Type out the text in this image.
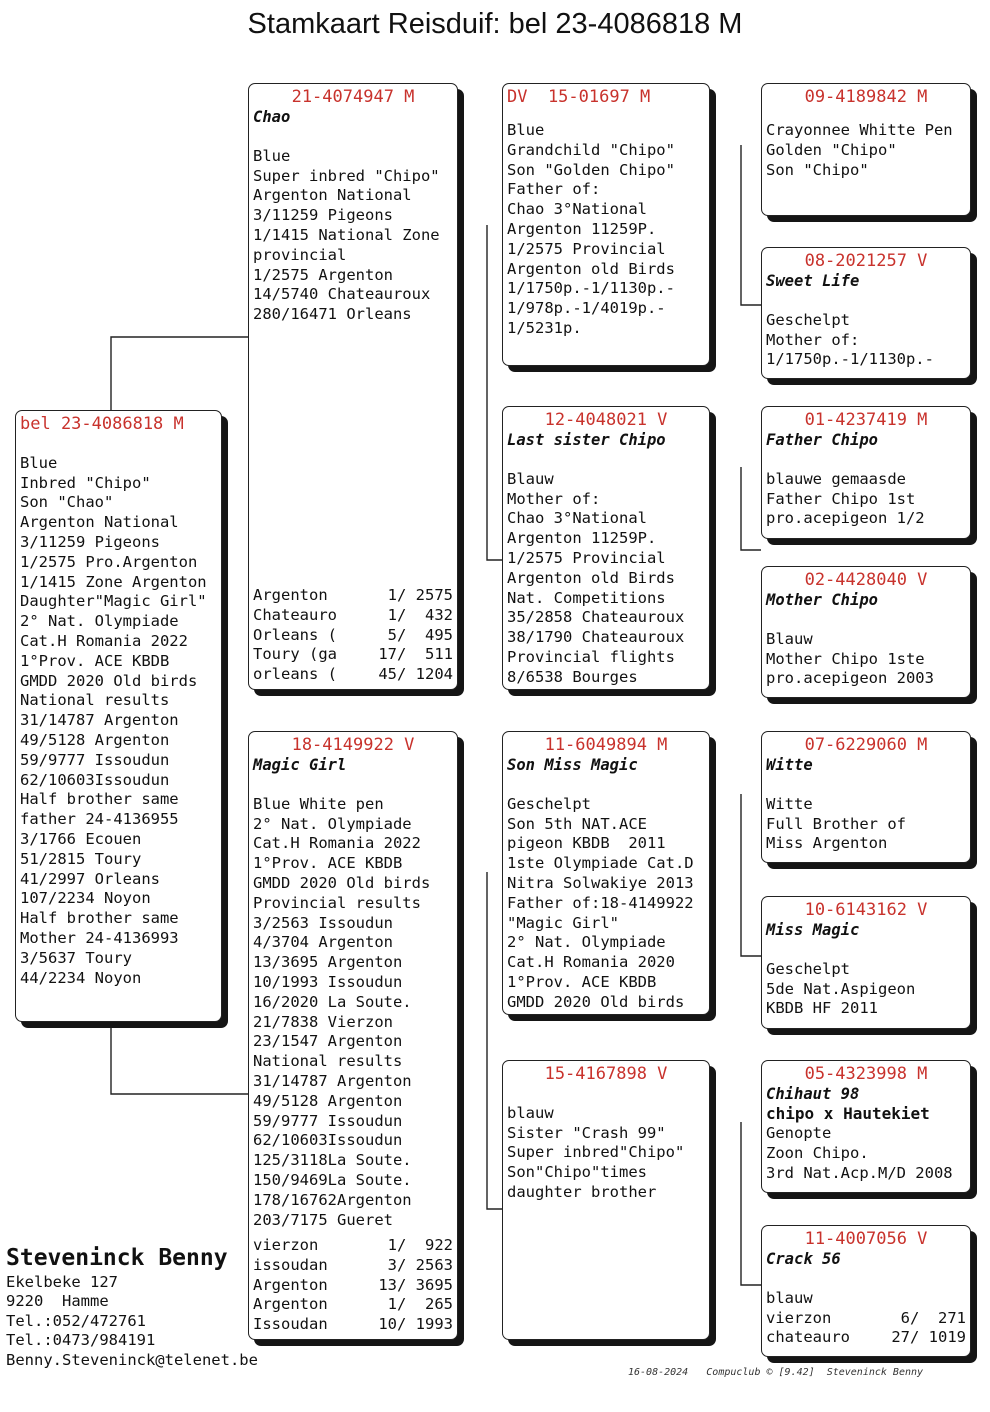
Stamkaart Reisduif: bel 23-4086818 M
bel 23-4086818 M
Blue
Inbred "Chipo"
Son "Chao"
Argenton National
3/11259 Pigeons
1/2575 Pro.Argenton
1/1415 Zone Argenton
Daughter"Magic Girl"
2° Nat. Olympiade
Cat.H Romania 2022
1°Prov. ACE KBDB
GMDD 2020 Old birds
National results
31/14787 Argenton
49/5128 Argenton
59/9777 Issoudun
62/10603Issoudun
Half brother same
father 24-4136955
3/1766 Ecouen
51/2815 Toury
41/2997 Orleans
107/2234 Noyon
Half brother same
Mother 24-4136993
3/5637 Toury
44/2234 Noyon
21-4074947 M
Chao
Blue
Super inbred "Chipo"
Argenton National
3/11259 Pigeons
1/1415 National Zone
provincial
1/2575 Argenton
14/5740 Chateauroux
280/16471 Orleans
Argenton	1/ 2575
Chateauro	1/  432
Orleans (	5/  495
Toury (ga	17/  511
orleans (	45/ 1204
18-4149922 V
Magic Girl
Blue White pen
2° Nat. Olympiade
Cat.H Romania 2022
1°Prov. ACE KBDB
GMDD 2020 Old birds
Provincial results
3/2563 Issoudun
4/3704 Argenton
13/3695 Argenton
10/1993 Issoudun
16/2020 La Soute.
21/7838 Vierzon
23/1547 Argenton
National results
31/14787 Argenton
49/5128 Argenton
59/9777 Issoudun
62/10603Issoudun
125/3118La Soute.
150/9469La Soute.
178/16762Argenton
203/7175 Gueret
vierzon	1/  922
issoudan	3/ 2563
Argenton	13/ 3695
Argenton	1/  265
Issoudan	10/ 1993
DV  15-01697 M
Blue
Grandchild "Chipo"
Son "Golden Chipo"
Father of:
Chao 3°National
Argenton 11259P.
1/2575 Provincial
Argenton old Birds
1/1750p.-1/1130p.-
1/978p.-1/4019p.-
1/5231p.
12-4048021 V
Last sister Chipo
Blauw
Mother of:
Chao 3°National
Argenton 11259P.
1/2575 Provincial
Argenton old Birds
Nat. Competitions
35/2858 Chateauroux
38/1790 Chateauroux
Provincial flights
8/6538 Bourges
11-6049894 M
Son Miss Magic
Geschelpt
Son 5th NAT.ACE
pigeon KBDB  2011
1ste Olympiade Cat.D
Nitra Solwakiye 2013
Father of:18-4149922
"Magic Girl"
2° Nat. Olympiade
Cat.H Romania 2020
1°Prov. ACE KBDB
GMDD 2020 Old birds
15-4167898 V
blauw
Sister "Crash 99"
Super inbred"Chipo"
Son"Chipo"times
daughter brother
09-4189842 M
Crayonnee Whitte Pen
Golden "Chipo"
Son "Chipo"
08-2021257 V
Sweet Life
Geschelpt
Mother of:
1/1750p.-1/1130p.-
01-4237419 M
Father Chipo
blauwe gemaasde
Father Chipo 1st
pro.acepigeon 1/2
02-4428040 V
Mother Chipo
Blauw
Mother Chipo 1ste
pro.acepigeon 2003
07-6229060 M
Witte
Witte
Full Brother of
Miss Argenton
10-6143162 V
Miss Magic
Geschelpt
5de Nat.Aspigeon
KBDB HF 2011
05-4323998 M
Chihaut 98
chipo x Hautekiet
Genopte
Zoon Chipo.
3rd Nat.Acp.M/D 2008
11-4007056 V
Crack 56
blauw
vierzon	6/  271
chateauro	27/ 1019
Steveninck Benny
Ekelbeke 127
9220  Hamme
Tel.:052/472761
Tel.:0473/984191
Benny.Steveninck@telenet.be
16-08-2024 Compuclub © [9.42] Steveninck Benny
